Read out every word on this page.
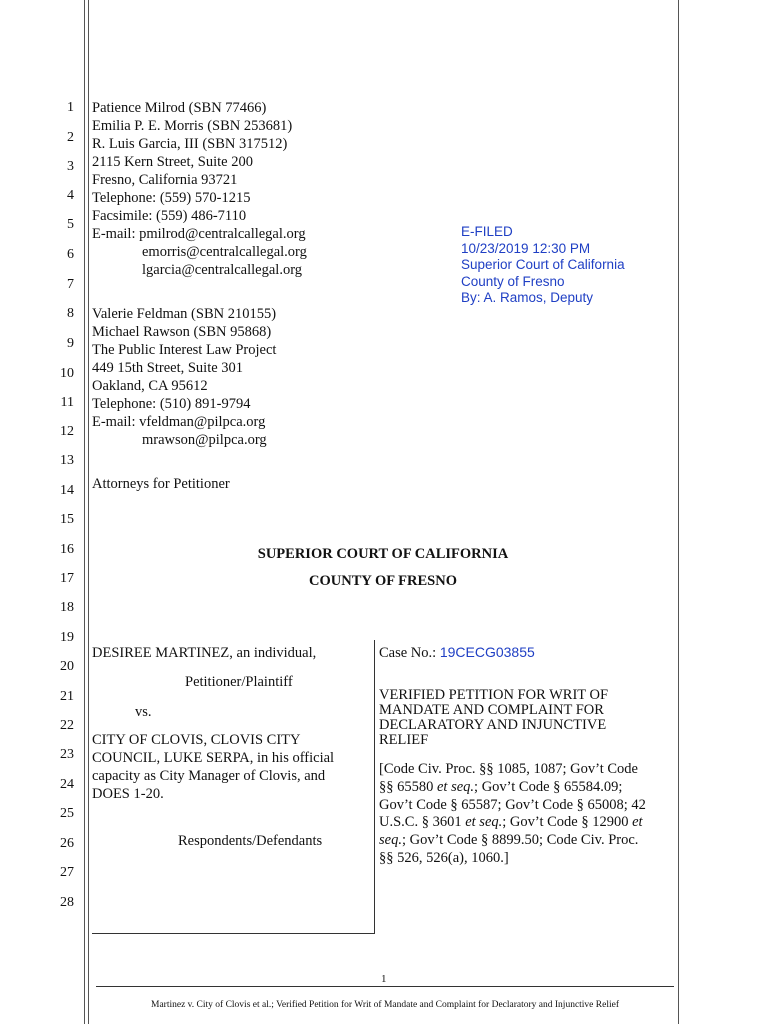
1
2
3
4
5
6
7
8
9
10
11
12
13
14
15
16
17
18
19
20
21
22
23
24
25
26
27
28
Patience Milrod (SBN 77466)
Emilia P. E. Morris (SBN 253681)
R. Luis Garcia, III (SBN 317512)
2115 Kern Street, Suite 200
Fresno, California 93721
Telephone: (559) 570-1215
Facsimile: (559) 486-7110
E-mail: pmilrod@centralcallegal.org
emorris@centralcallegal.org
lgarcia@centralcallegal.org
E-FILED
10/23/2019 12:30 PM
Superior Court of California
County of Fresno
By: A. Ramos, Deputy
Valerie Feldman (SBN 210155)
Michael Rawson (SBN 95868)
The Public Interest Law Project
449 15th Street, Suite 301
Oakland, CA 95612
Telephone: (510) 891-9794
E-mail: vfeldman@pilpca.org
mrawson@pilpca.org
Attorneys for Petitioner
SUPERIOR COURT OF CALIFORNIA
COUNTY OF FRESNO
DESIREE MARTINEZ, an individual,
Petitioner/Plaintiff
vs.
CITY OF CLOVIS, CLOVIS CITY
COUNCIL, LUKE SERPA, in his official
capacity as City Manager of Clovis, and
DOES 1-20.
Respondents/Defendants
Case No.: 19CECG03855
VERIFIED PETITION FOR WRIT OF
MANDATE AND COMPLAINT FOR
DECLARATORY AND INJUNCTIVE
RELIEF
[Code Civ. Proc. §§ 1085, 1087; Gov’t Code
§§ 65580 et seq.; Gov’t Code § 65584.09;
Gov’t Code § 65587; Gov’t Code § 65008; 42
U.S.C. § 3601 et seq.; Gov’t Code § 12900 et
seq.; Gov’t Code § 8899.50; Code Civ. Proc.
§§ 526, 526(a), 1060.]
1
Martinez v. City of Clovis et al.; Verified Petition for Writ of Mandate and Complaint for Declaratory and Injunctive Relief
